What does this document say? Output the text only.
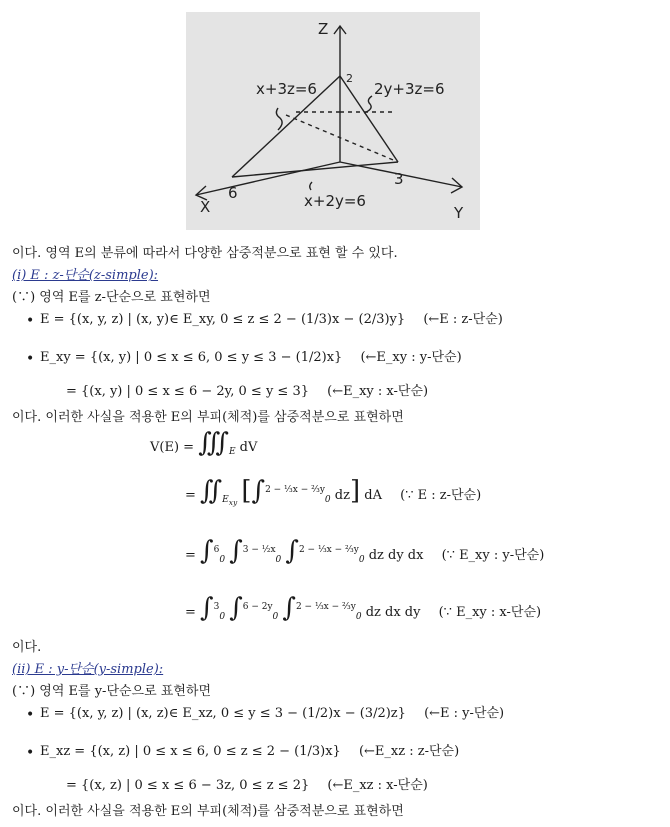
Z
X	Y
2
6
3
x+3z=6	2y+3z=6
x+2y=6
이다. 영역 E의 분류에 따라서 다양한 삼중적분으로 표현 할 수 있다.
(i) E : z-단순(z-simple):
(∵) 영역 E를 z-단순으로 표현하면
• E = {(x, y, z) | (x, y)∈ E_xy, 0 ≤ z ≤ 2 − (1/3)x − (2/3)y} (←E : z-단순)
• E_xy = {(x, y) | 0 ≤ x ≤ 6, 0 ≤ y ≤ 3 − (1/2)x} (←E_xy : y-단순)
= {(x, y) | 0 ≤ x ≤ 6 − 2y, 0 ≤ y ≤ 3} (←E_xy : x-단순)
이다. 이러한 사실을 적용한 E의 부피(체적)를 삼중적분으로 표현하면
$V(E) = ∭_E$ dV
= $∬_{E_{xy}}$ [∫$^{2 - \frac{1}{3}x - \frac{2}{3}y}_0$ dz] dA (∵ E : z-단순)
= ∫$^6_0$ ∫$^{3 - \frac{1}{2}x}_0$ ∫$^{2 - \frac{1}{3}x - \frac{2}{3}y}_0$ dz dy dx (∵ E_xy : y-단순)
= ∫$^3_0$ ∫$^{6 - 2y}_0$ ∫$^{2 - \frac{1}{3}x - \frac{2}{3}y}_0$ dz dx dy (∵ E_xy : x-단순)
이다.
(ii) E : y-단순(y-simple):
(∵) 영역 E를 y-단순으로 표현하면
• E = {(x, y, z) | (x, z)∈ E_xz, 0 ≤ y ≤ 3 − (1/2)x − (3/2)z} (←E : y-단순)
• E_xz = {(x, z) | 0 ≤ x ≤ 6, 0 ≤ z ≤ 2 − (1/3)x} (←E_xz : z-단순)
= {(x, z) | 0 ≤ x ≤ 6 − 3z, 0 ≤ z ≤ 2} (←E_xz : x-단순)
이다. 이러한 사실을 적용한 E의 부피(체적)를 삼중적분으로 표현하면
